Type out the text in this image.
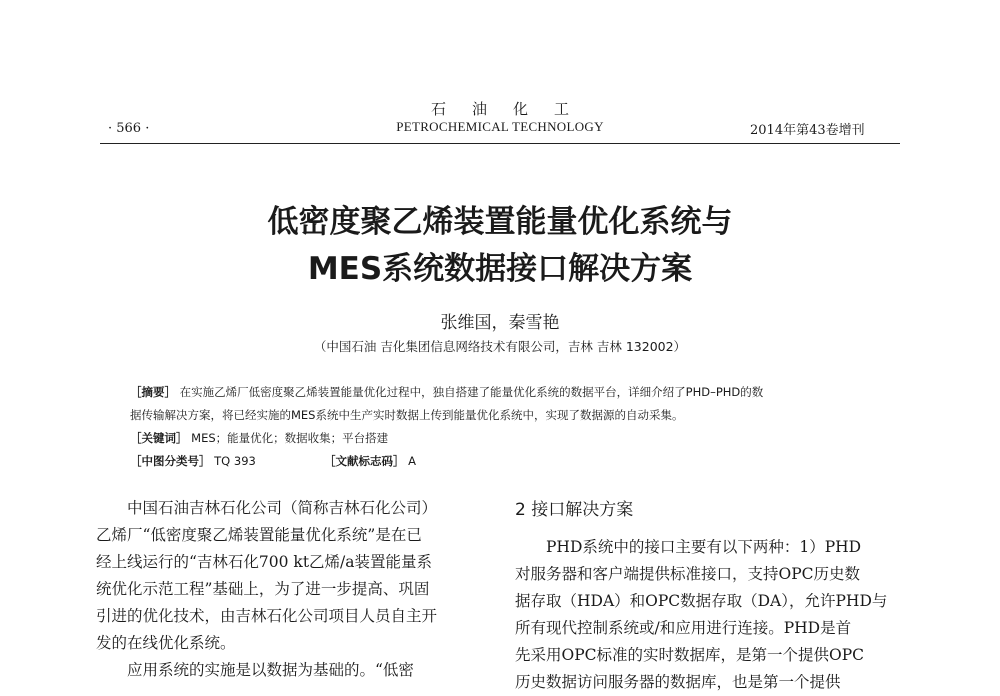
石油化工
· 566 ·	PETROCHEMICAL TECHNOLOGY	2014年第43卷增刊
低密度聚乙烯装置能量优化系统与
MES系统数据接口解决方案
张维国，秦雪艳
（中国石油 吉化集团信息网络技术有限公司，吉林 吉林 132002）
［摘要］ 在实施乙烯厂低密度聚乙烯装置能量优化过程中，独自搭建了能量优化系统的数据平台，详细介绍了PHD–PHD的数
据传输解决方案，将已经实施的MES系统中生产实时数据上传到能量优化系统中，实现了数据源的自动采集。
［关键词］ MES；能量优化；数据收集；平台搭建
［中图分类号］ TQ 393	［文献标志码］ A

中国石油吉林石化公司（简称吉林石化公司）

乙烯厂“低密度聚乙烯装置能量优化系统”是在已

经上线运行的“吉林石化700 kt乙烯/a装置能量系

统优化示范工程”基础上，为了进一步提高、巩固

引进的优化技术，由吉林石化公司项目人员自主开

发的在线优化系统。

应用系统的实施是以数据为基础的。“低密

2 接口解决方案

PHD系统中的接口主要有以下两种：1）PHD

对服务器和客户端提供标准接口，支持OPC历史数

据存取（HDA）和OPC数据存取（DA），允许PHD与

所有现代控制系统或/和应用进行连接。PHD是首

先采用OPC标准的实时数据库，是第一个提供OPC

历史数据访问服务器的数据库，也是第一个提供
